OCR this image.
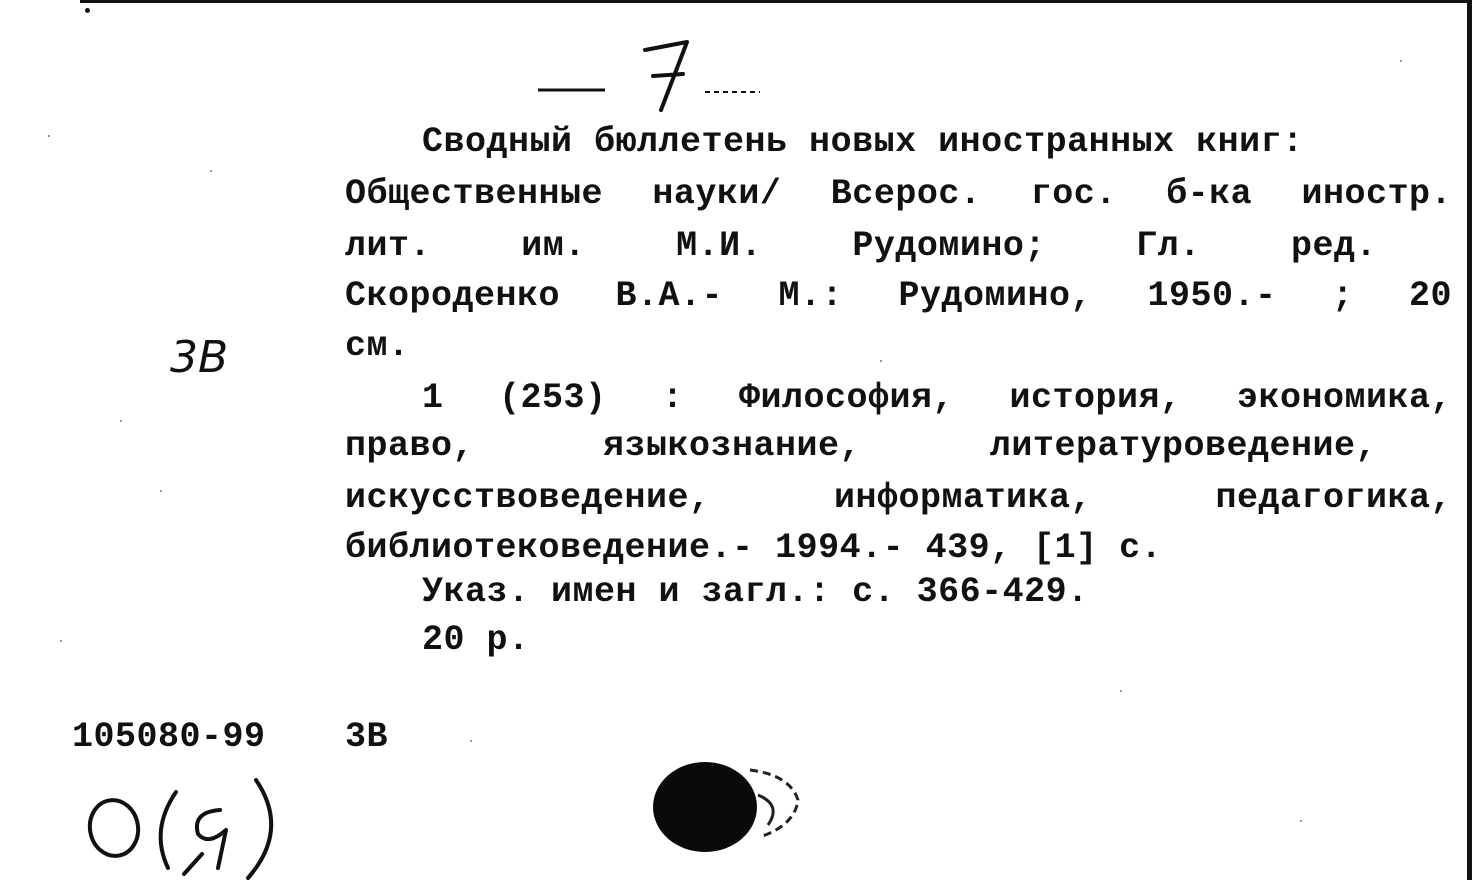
3B
Сводный бюллетень новых иностранных книг:
Общественные науки/ Всерос. гос. б-ка иностр.
лит. им. М.И. Рудомино; Гл. ред.
Скороденко В.А.- М.: Рудомино, 1950.- ; 20
см.
1 (253) : Философия, история, экономика,
право, языкознание, литературоведение,
искусствоведение, информатика, педагогика,
библиотековедение.- 1994.- 439, [1] с.
Указ. имен и загл.: с. 366-429.
20 р.
105080-99	3В
